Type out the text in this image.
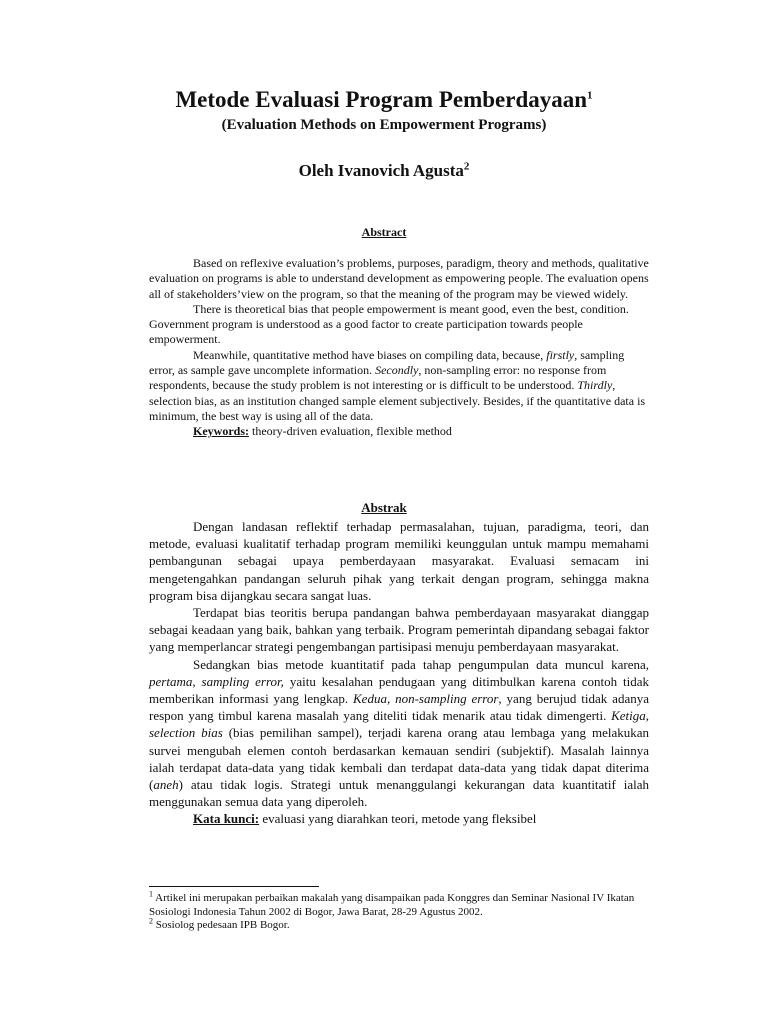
Metode Evaluasi Program Pemberdayaan$^1$
(Evaluation Methods on Empowerment Programs)
Oleh Ivanovich Agusta$^2$
Abstract

Based on reflexive evaluation’s problems, purposes, paradigm, theory and methods, qualitative evaluation on programs is able to understand development as empowering people. The evaluation opens all of stakeholders’view on the program, so that the meaning of the program may be viewed widely.

There is theoretical bias that people empowerment is meant good, even the best, condition. Government program is understood as a good factor to create participation towards people empowerment.

Meanwhile, quantitative method have biases on compiling data, because, firstly, sampling error, as sample gave uncomplete information. Secondly, non-sampling error: no response from respondents, because the study problem is not interesting or is difficult to be understood. Thirdly, selection bias, as an institution changed sample element subjectively. Besides, if the quantitative data is minimum, the best way is using all of the data.

Keywords: theory-driven evaluation, flexible method

Abstrak

Dengan landasan reflektif terhadap permasalahan, tujuan, paradigma, teori, dan metode, evaluasi kualitatif terhadap program memiliki keunggulan untuk mampu memahami pembangunan sebagai upaya pemberdayaan masyarakat. Evaluasi semacam ini mengetengahkan pandangan seluruh pihak yang terkait dengan program, sehingga makna program bisa dijangkau secara sangat luas.

Terdapat bias teoritis berupa pandangan bahwa pemberdayaan masyarakat dianggap sebagai keadaan yang baik, bahkan yang terbaik. Program pemerintah dipandang sebagai faktor yang memperlancar strategi pengembangan partisipasi menuju pemberdayaan masyarakat.

Sedangkan bias metode kuantitatif pada tahap pengumpulan data muncul karena, pertama, sampling error, yaitu kesalahan pendugaan yang ditimbulkan karena contoh tidak memberikan informasi yang lengkap. Kedua, non-sampling error, yang berujud tidak adanya respon yang timbul karena masalah yang diteliti tidak menarik atau tidak dimengerti. Ketiga, selection bias (bias pemilihan sampel), terjadi karena orang atau lembaga yang melakukan survei mengubah elemen contoh berdasarkan kemauan sendiri (subjektif). Masalah lainnya ialah terdapat data-data yang tidak kembali dan terdapat data-data yang tidak dapat diterima (aneh) atau tidak logis. Strategi untuk menanggulangi kekurangan data kuantitatif ialah menggunakan semua data yang diperoleh.

Kata kunci: evaluasi yang diarahkan teori, metode yang fleksibel

$^1$ Artikel ini merupakan perbaikan makalah yang disampaikan pada Konggres dan Seminar Nasional IV Ikatan Sosiologi Indonesia Tahun 2002 di Bogor, Jawa Barat, 28-29 Agustus 2002.

$^2$ Sosiolog pedesaan IPB Bogor.
